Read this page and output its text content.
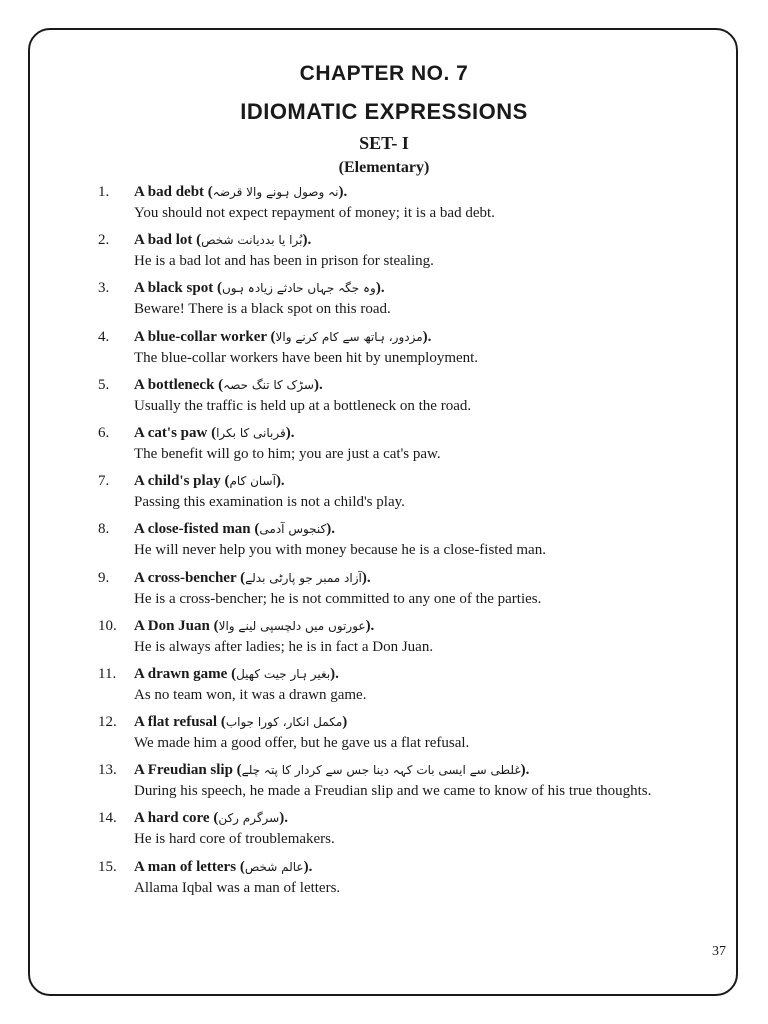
CHAPTER NO. 7
IDIOMATIC EXPRESSIONS
SET- I
(Elementary)
1. A bad debt (نہ وصول ہونے والا قرضہ).
You should not expect repayment of money; it is a bad debt.
2. A bad lot (بُرا یا بددیانت شخص).
He is a bad lot and has been in prison for stealing.
3. A black spot (وہ جگہ جہاں حادثے زیادہ ہوں).
Beware! There is a black spot on this road.
4. A blue-collar worker (مزدور، ہاتھ سے کام کرنے والا).
The blue-collar workers have been hit by unemployment.
5. A bottleneck (سڑک کا تنگ حصہ).
Usually the traffic is held up at a bottleneck on the road.
6. A cat's paw (قربانی کا بکرا).
The benefit will go to him; you are just a cat's paw.
7. A child's play (آسان کام).
Passing this examination is not a child's play.
8. A close-fisted man (کنجوس آدمی).
He will never help you with money because he is a close-fisted man.
9. A cross-bencher (آزاد ممبر جو پارٹی بدلے).
He is a cross-bencher; he is not committed to any one of the parties.
10. A Don Juan (عورتوں میں دلچسپی لینے والا).
He is always after ladies; he is in fact a Don Juan.
11. A drawn game (بغیر ہار جیت کھیل).
As no team won, it was a drawn game.
12. A flat refusal (مکمل انکار، کورا جواب)
We made him a good offer, but he gave us a flat refusal.
13. A Freudian slip (غلطی سے ایسی بات کہہ دینا جس سے کردار کا پتہ چلے).
During his speech, he made a Freudian slip and we came to know of his true thoughts.
14. A hard core (سرگرم رکن).
He is hard core of troublemakers.
15. A man of letters (عالم شخص).
Allama Iqbal was a man of letters.
37
